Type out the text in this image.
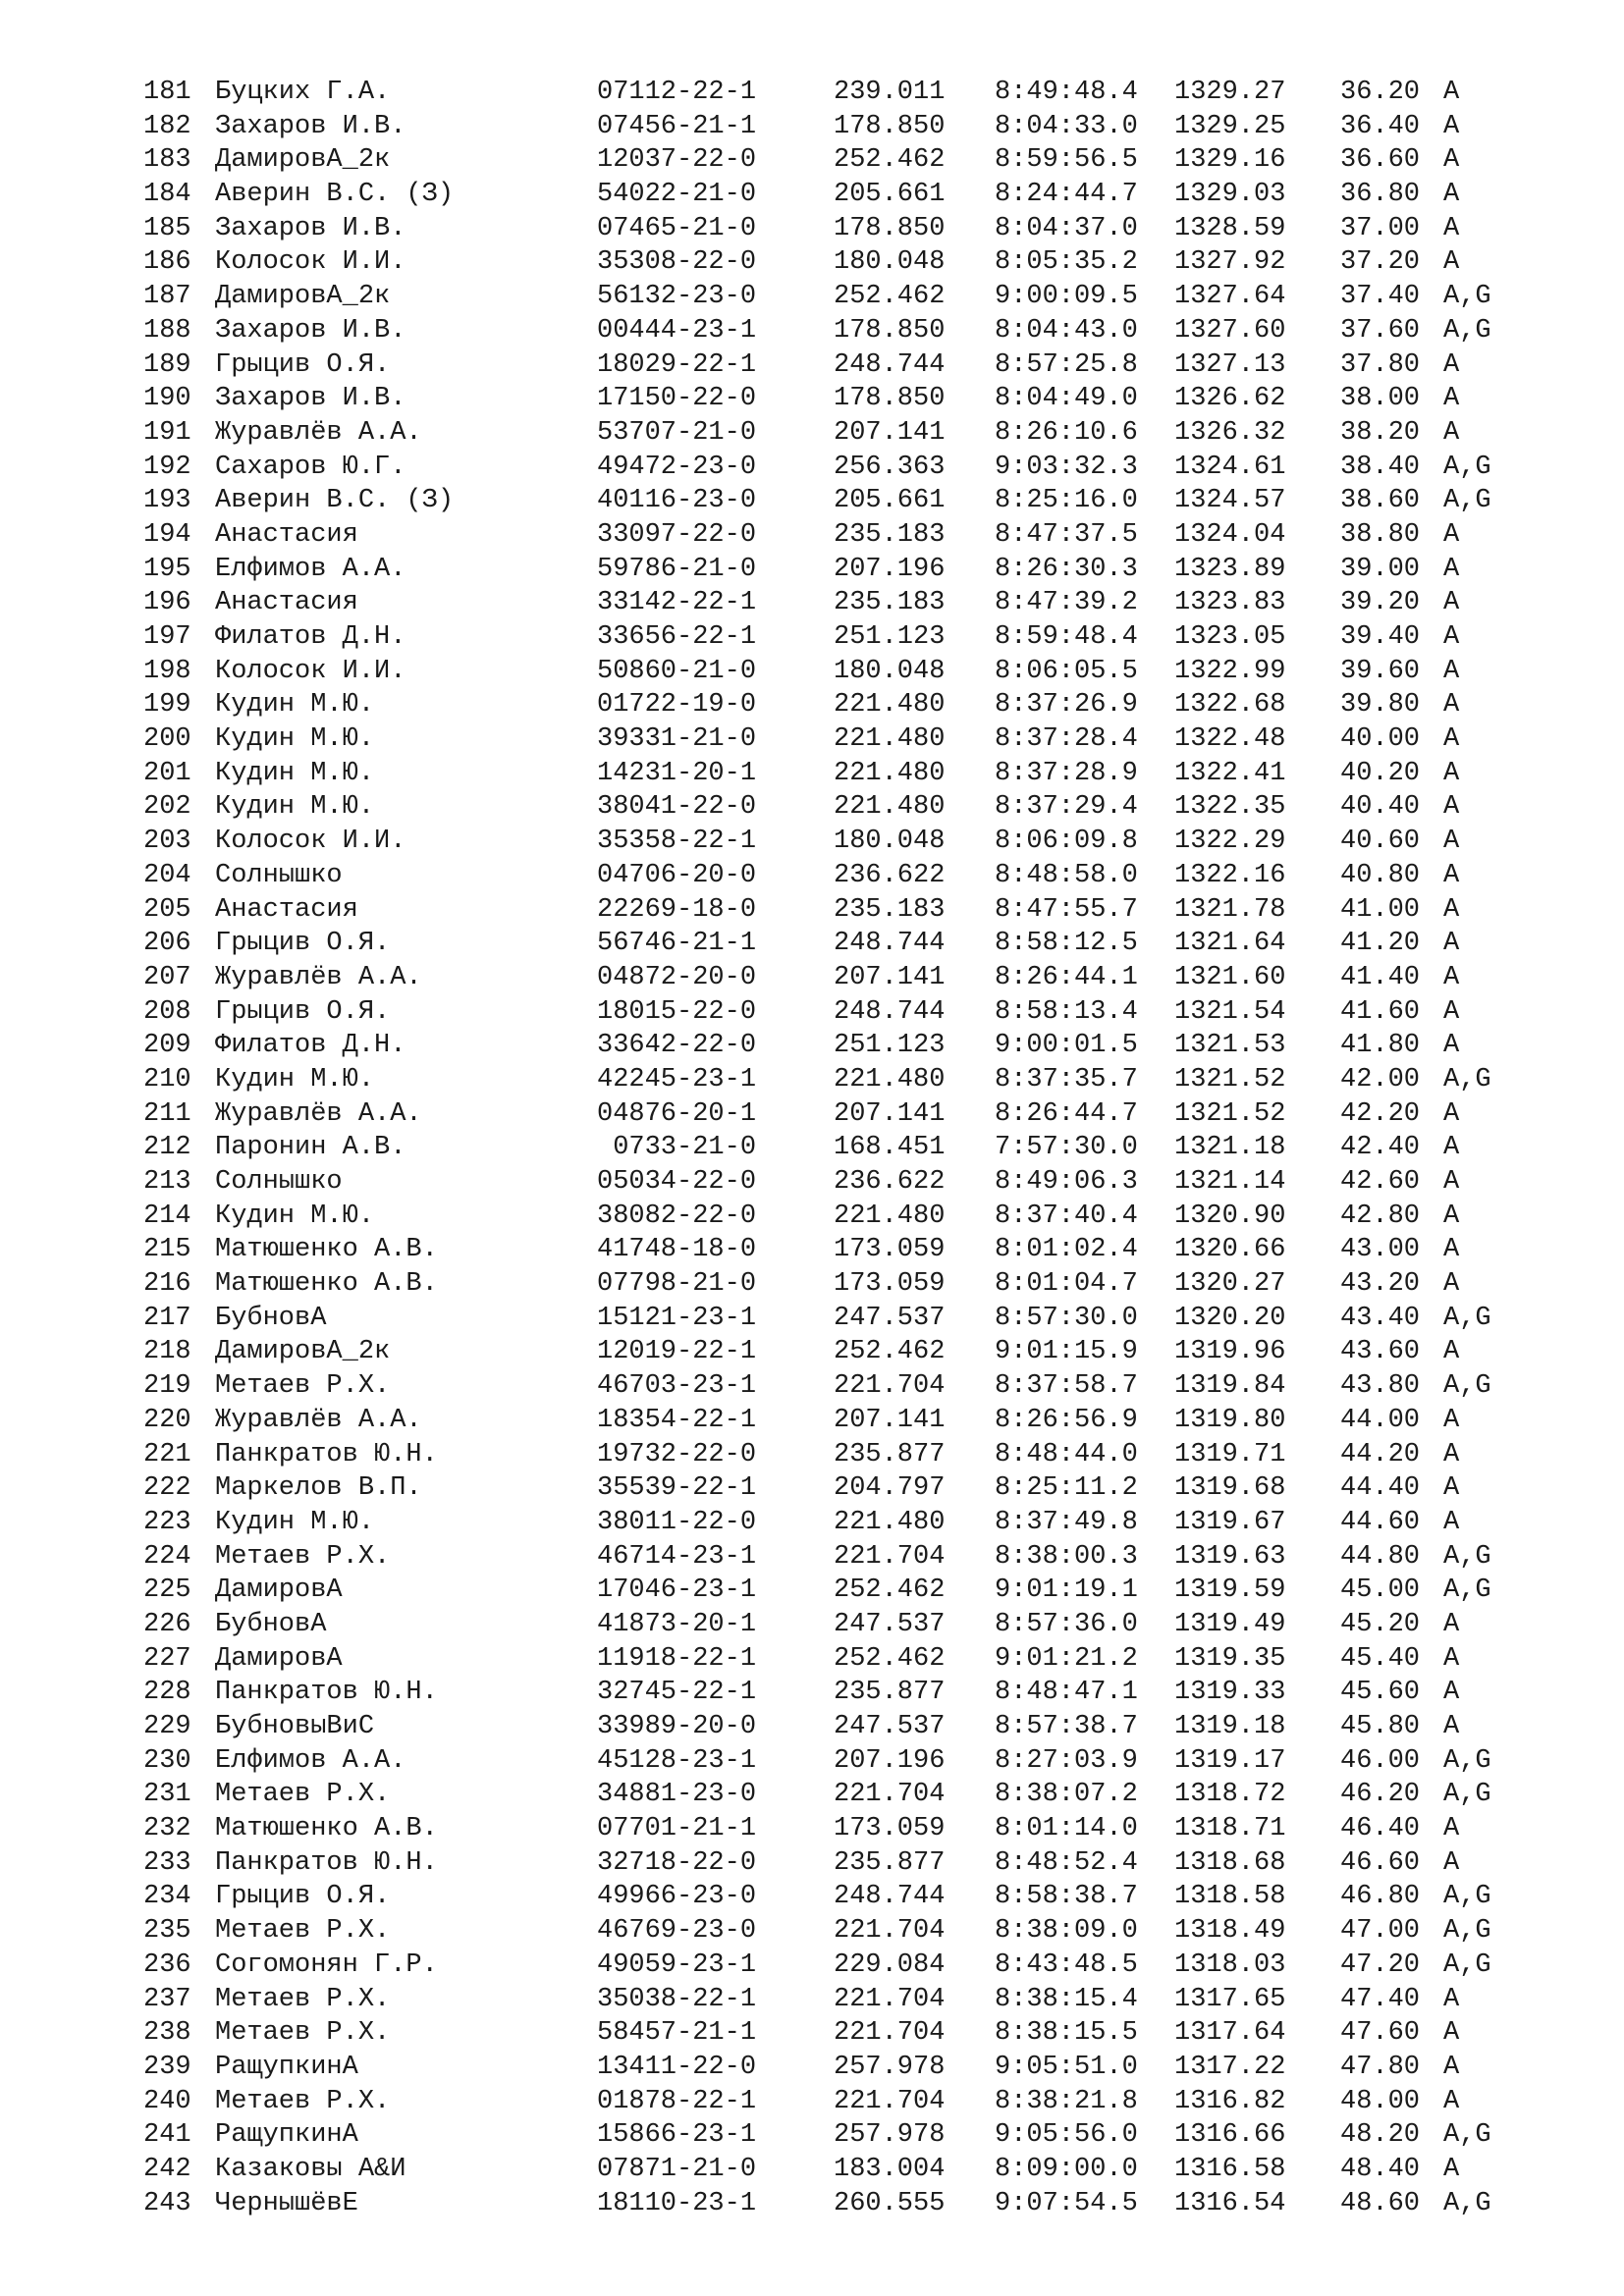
181 Буцких Г.А.	07112-22-1	239.011 8:49:48.4 1329.27 36.20 A
182 Захаров И.В.	07456-21-1	178.850 8:04:33.0 1329.25 36.40 A
183 ДамировА_2к	12037-22-0	252.462 8:59:56.5 1329.16 36.60 A
184 Аверин В.С. (З)	54022-21-0	205.661 8:24:44.7 1329.03 36.80 A
185 Захаров И.В.	07465-21-0	178.850 8:04:37.0 1328.59 37.00 A
186 Колосок И.И.	35308-22-0	180.048 8:05:35.2 1327.92 37.20 A
187 ДамировА_2к	56132-23-0	252.462 9:00:09.5 1327.64 37.40 A,G
188 Захаров И.В.	00444-23-1	178.850 8:04:43.0 1327.60 37.60 A,G
189 Грыцив О.Я.	18029-22-1	248.744 8:57:25.8 1327.13 37.80 A
190 Захаров И.В.	17150-22-0	178.850 8:04:49.0 1326.62 38.00 A
191 Журавлёв А.А.	53707-21-0	207.141 8:26:10.6 1326.32 38.20 A
192 Сахаров Ю.Г.	49472-23-0	256.363 9:03:32.3 1324.61 38.40 A,G
193 Аверин В.С. (З)	40116-23-0	205.661 8:25:16.0 1324.57 38.60 A,G
194 Анастасия	33097-22-0	235.183 8:47:37.5 1324.04 38.80 A
195 Елфимов А.А.	59786-21-0	207.196 8:26:30.3 1323.89 39.00 A
196 Анастасия	33142-22-1	235.183 8:47:39.2 1323.83 39.20 A
197 Филатов Д.Н.	33656-22-1	251.123 8:59:48.4 1323.05 39.40 A
198 Колосок И.И.	50860-21-0	180.048 8:06:05.5 1322.99 39.60 A
199 Кудин М.Ю.	01722-19-0	221.480 8:37:26.9 1322.68 39.80 A
200 Кудин М.Ю.	39331-21-0	221.480 8:37:28.4 1322.48 40.00 A
201 Кудин М.Ю.	14231-20-1	221.480 8:37:28.9 1322.41 40.20 A
202 Кудин М.Ю.	38041-22-0	221.480 8:37:29.4 1322.35 40.40 A
203 Колосок И.И.	35358-22-1	180.048 8:06:09.8 1322.29 40.60 A
204 Солнышко	04706-20-0	236.622 8:48:58.0 1322.16 40.80 A
205 Анастасия	22269-18-0	235.183 8:47:55.7 1321.78 41.00 A
206 Грыцив О.Я.	56746-21-1	248.744 8:58:12.5 1321.64 41.20 A
207 Журавлёв А.А.	04872-20-0	207.141 8:26:44.1 1321.60 41.40 A
208 Грыцив О.Я.	18015-22-0	248.744 8:58:13.4 1321.54 41.60 A
209 Филатов Д.Н.	33642-22-0	251.123 9:00:01.5 1321.53 41.80 A
210 Кудин М.Ю.	42245-23-1	221.480 8:37:35.7 1321.52 42.00 A,G
211 Журавлёв А.А.	04876-20-1	207.141 8:26:44.7 1321.52 42.20 A
212 Паронин А.В.	0733-21-0	168.451 7:57:30.0 1321.18 42.40 A
213 Солнышко	05034-22-0	236.622 8:49:06.3 1321.14 42.60 A
214 Кудин М.Ю.	38082-22-0	221.480 8:37:40.4 1320.90 42.80 A
215 Матюшенко А.В.	41748-18-0	173.059 8:01:02.4 1320.66 43.00 A
216 Матюшенко А.В.	07798-21-0	173.059 8:01:04.7 1320.27 43.20 A
217 БубновА	15121-23-1	247.537 8:57:30.0 1320.20 43.40 A,G
218 ДамировА_2к	12019-22-1	252.462 9:01:15.9 1319.96 43.60 A
219 Метаев Р.Х.	46703-23-1	221.704 8:37:58.7 1319.84 43.80 A,G
220 Журавлёв А.А.	18354-22-1	207.141 8:26:56.9 1319.80 44.00 A
221 Панкратов Ю.Н.	19732-22-0	235.877 8:48:44.0 1319.71 44.20 A
222 Маркелов В.П.	35539-22-1	204.797 8:25:11.2 1319.68 44.40 A
223 Кудин М.Ю.	38011-22-0	221.480 8:37:49.8 1319.67 44.60 A
224 Метаев Р.Х.	46714-23-1	221.704 8:38:00.3 1319.63 44.80 A,G
225 ДамировА	17046-23-1	252.462 9:01:19.1 1319.59 45.00 A,G
226 БубновА	41873-20-1	247.537 8:57:36.0 1319.49 45.20 A
227 ДамировА	11918-22-1	252.462 9:01:21.2 1319.35 45.40 A
228 Панкратов Ю.Н.	32745-22-1	235.877 8:48:47.1 1319.33 45.60 A
229 БубновыВиС	33989-20-0	247.537 8:57:38.7 1319.18 45.80 A
230 Елфимов А.А.	45128-23-1	207.196 8:27:03.9 1319.17 46.00 A,G
231 Метаев Р.Х.	34881-23-0	221.704 8:38:07.2 1318.72 46.20 A,G
232 Матюшенко А.В.	07701-21-1	173.059 8:01:14.0 1318.71 46.40 A
233 Панкратов Ю.Н.	32718-22-0	235.877 8:48:52.4 1318.68 46.60 A
234 Грыцив О.Я.	49966-23-0	248.744 8:58:38.7 1318.58 46.80 A,G
235 Метаев Р.Х.	46769-23-0	221.704 8:38:09.0 1318.49 47.00 A,G
236 Согомонян Г.Р.	49059-23-1	229.084 8:43:48.5 1318.03 47.20 A,G
237 Метаев Р.Х.	35038-22-1	221.704 8:38:15.4 1317.65 47.40 A
238 Метаев Р.Х.	58457-21-1	221.704 8:38:15.5 1317.64 47.60 A
239 РащупкинА	13411-22-0	257.978 9:05:51.0 1317.22 47.80 A
240 Метаев Р.Х.	01878-22-1	221.704 8:38:21.8 1316.82 48.00 A
241 РащупкинА	15866-23-1	257.978 9:05:56.0 1316.66 48.20 A,G
242 Казаковы А&И	07871-21-0	183.004 8:09:00.0 1316.58 48.40 A
243 ЧернышёвЕ	18110-23-1	260.555 9:07:54.5 1316.54 48.60 A,G
